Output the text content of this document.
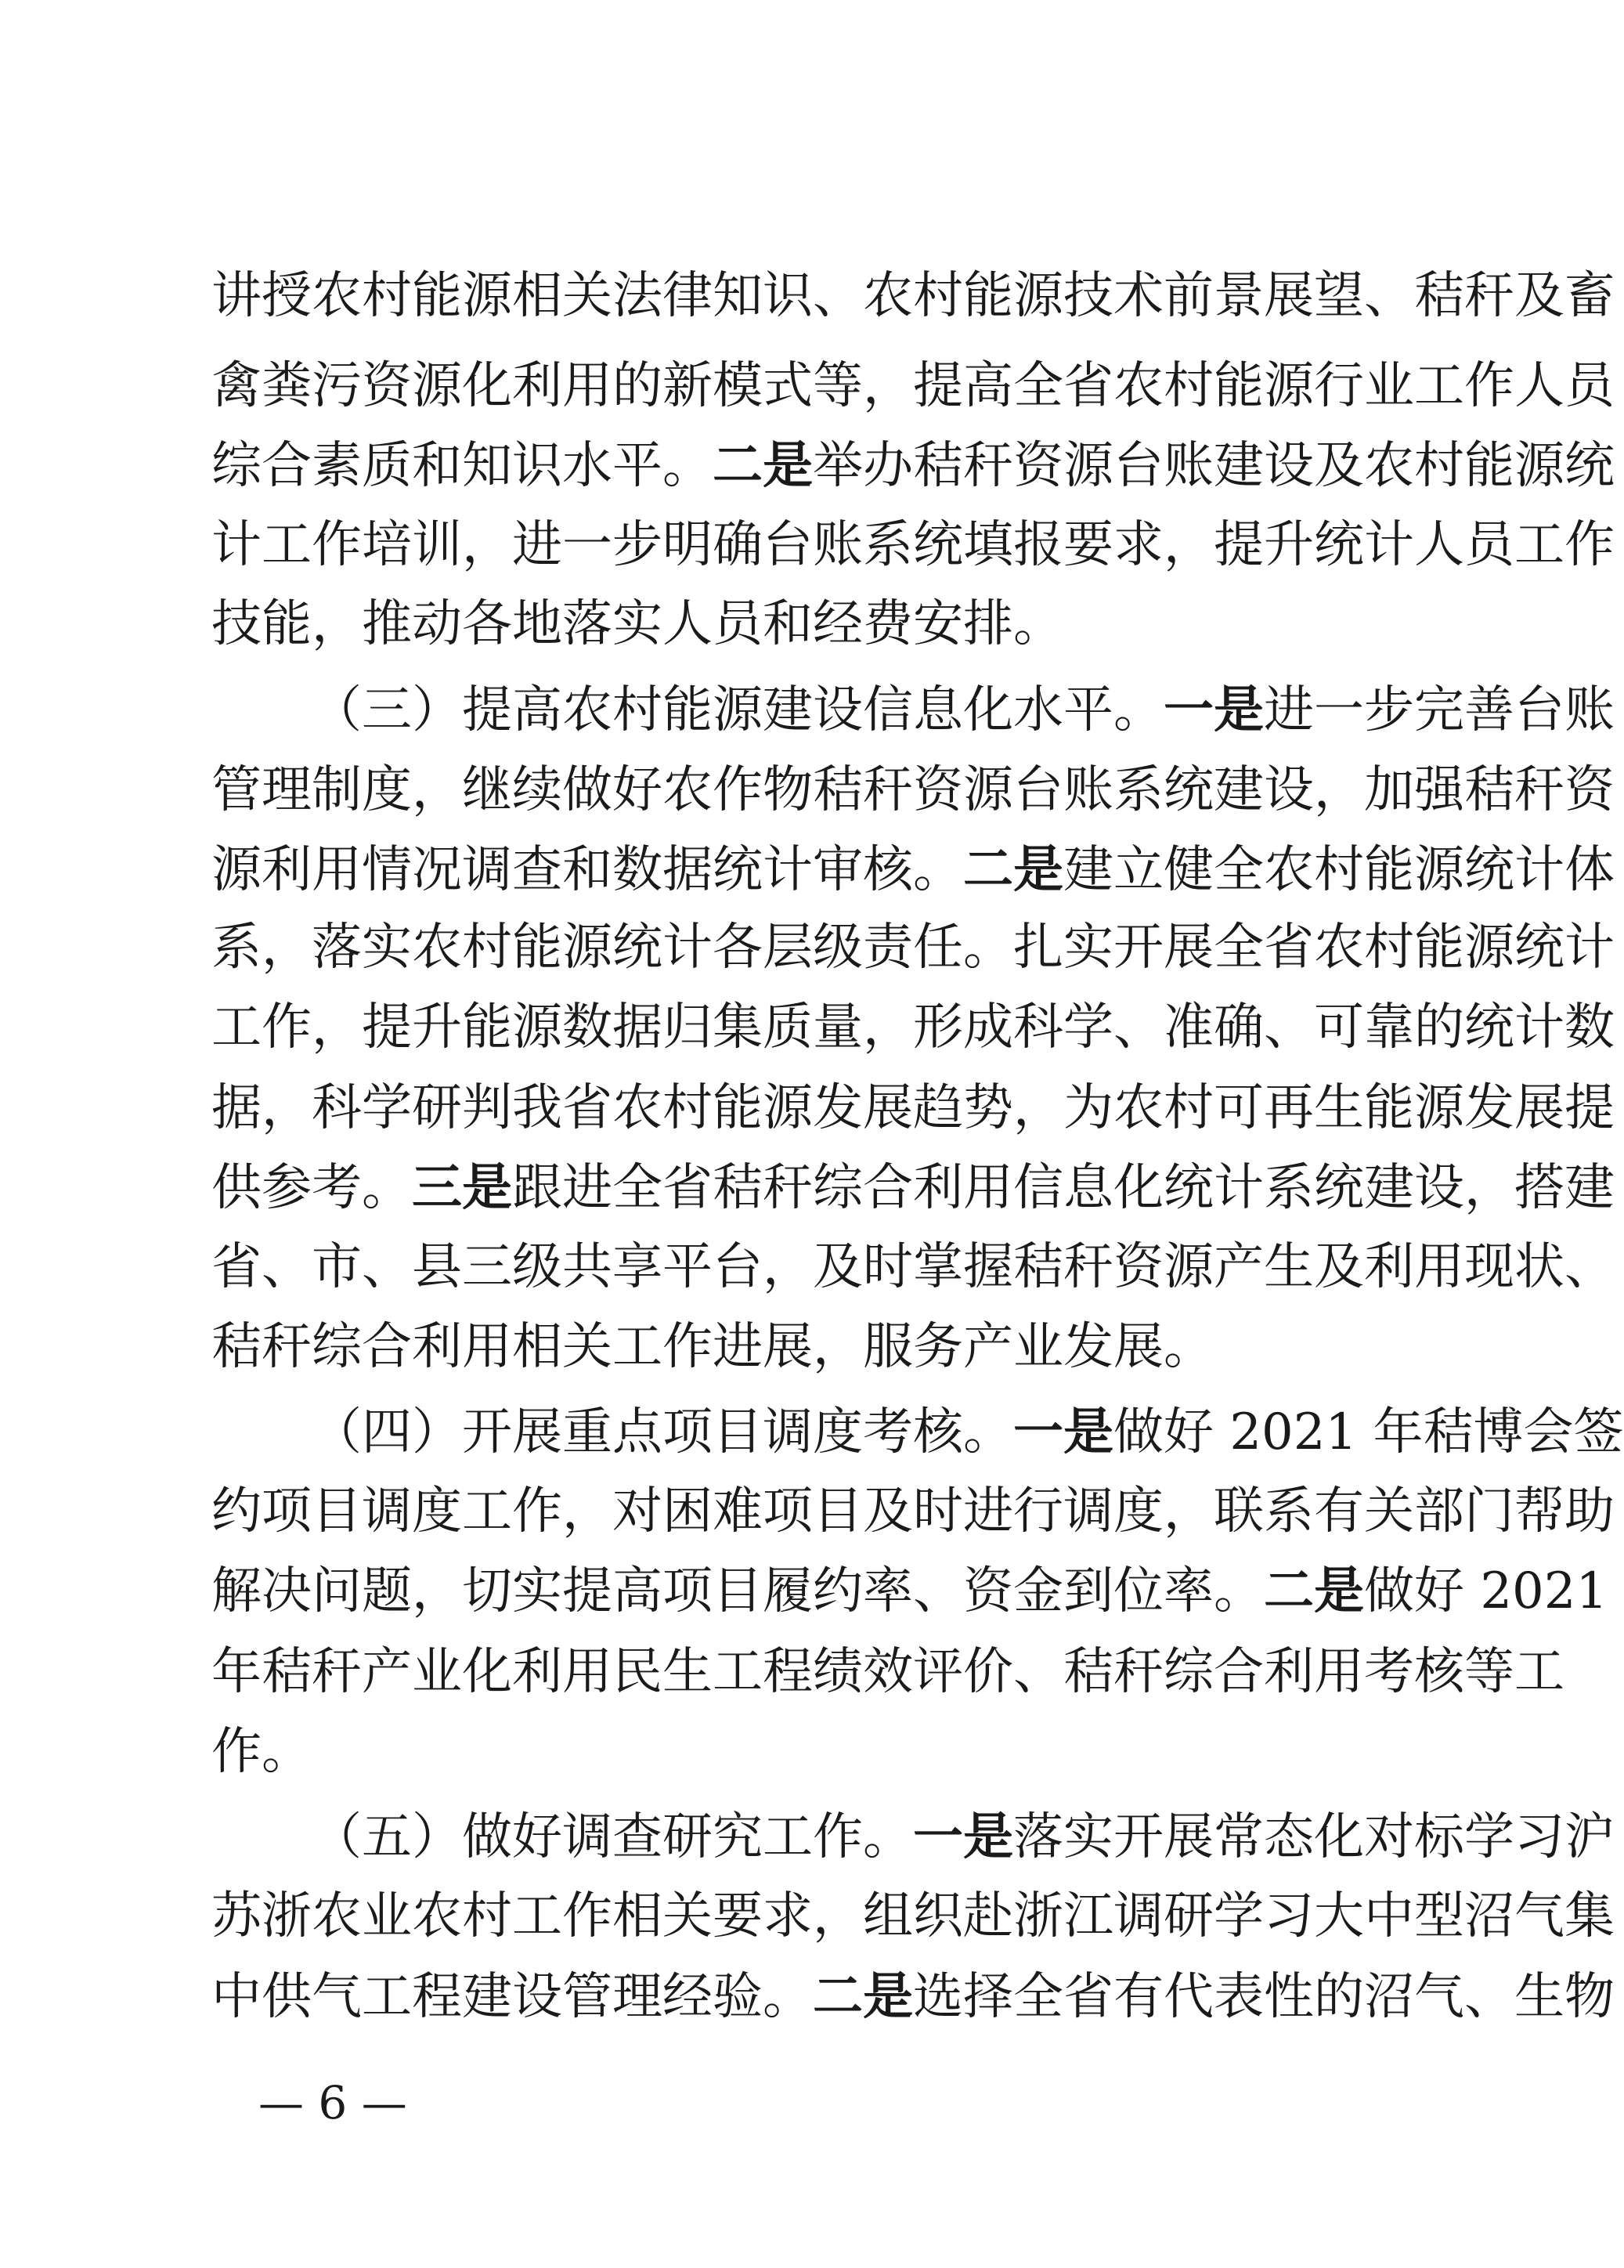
讲授农村能源相关法律知识、农村能源技术前景展望、秸秆及畜
禽粪污资源化利用的新模式等，提高全省农村能源行业工作人员
综合素质和知识水平。二是举办秸秆资源台账建设及农村能源统
计工作培训，进一步明确台账系统填报要求，提升统计人员工作
技能，推动各地落实人员和经费安排。
（三）提高农村能源建设信息化水平。一是进一步完善台账
管理制度，继续做好农作物秸秆资源台账系统建设，加强秸秆资
源利用情况调查和数据统计审核。二是建立健全农村能源统计体
系，落实农村能源统计各层级责任。扎实开展全省农村能源统计
工作，提升能源数据归集质量，形成科学、准确、可靠的统计数
据，科学研判我省农村能源发展趋势，为农村可再生能源发展提
供参考。三是跟进全省秸秆综合利用信息化统计系统建设，搭建
省、市、县三级共享平台，及时掌握秸秆资源产生及利用现状、
秸秆综合利用相关工作进展，服务产业发展。
（四）开展重点项目调度考核。一是做好 2021 年秸博会签
约项目调度工作，对困难项目及时进行调度，联系有关部门帮助
解决问题，切实提高项目履约率、资金到位率。二是做好 2021
年秸秆产业化利用民生工程绩效评价、秸秆综合利用考核等工
作。
（五）做好调查研究工作。一是落实开展常态化对标学习沪
苏浙农业农村工作相关要求，组织赴浙江调研学习大中型沼气集
中供气工程建设管理经验。二是选择全省有代表性的沼气、生物
— 6 —
